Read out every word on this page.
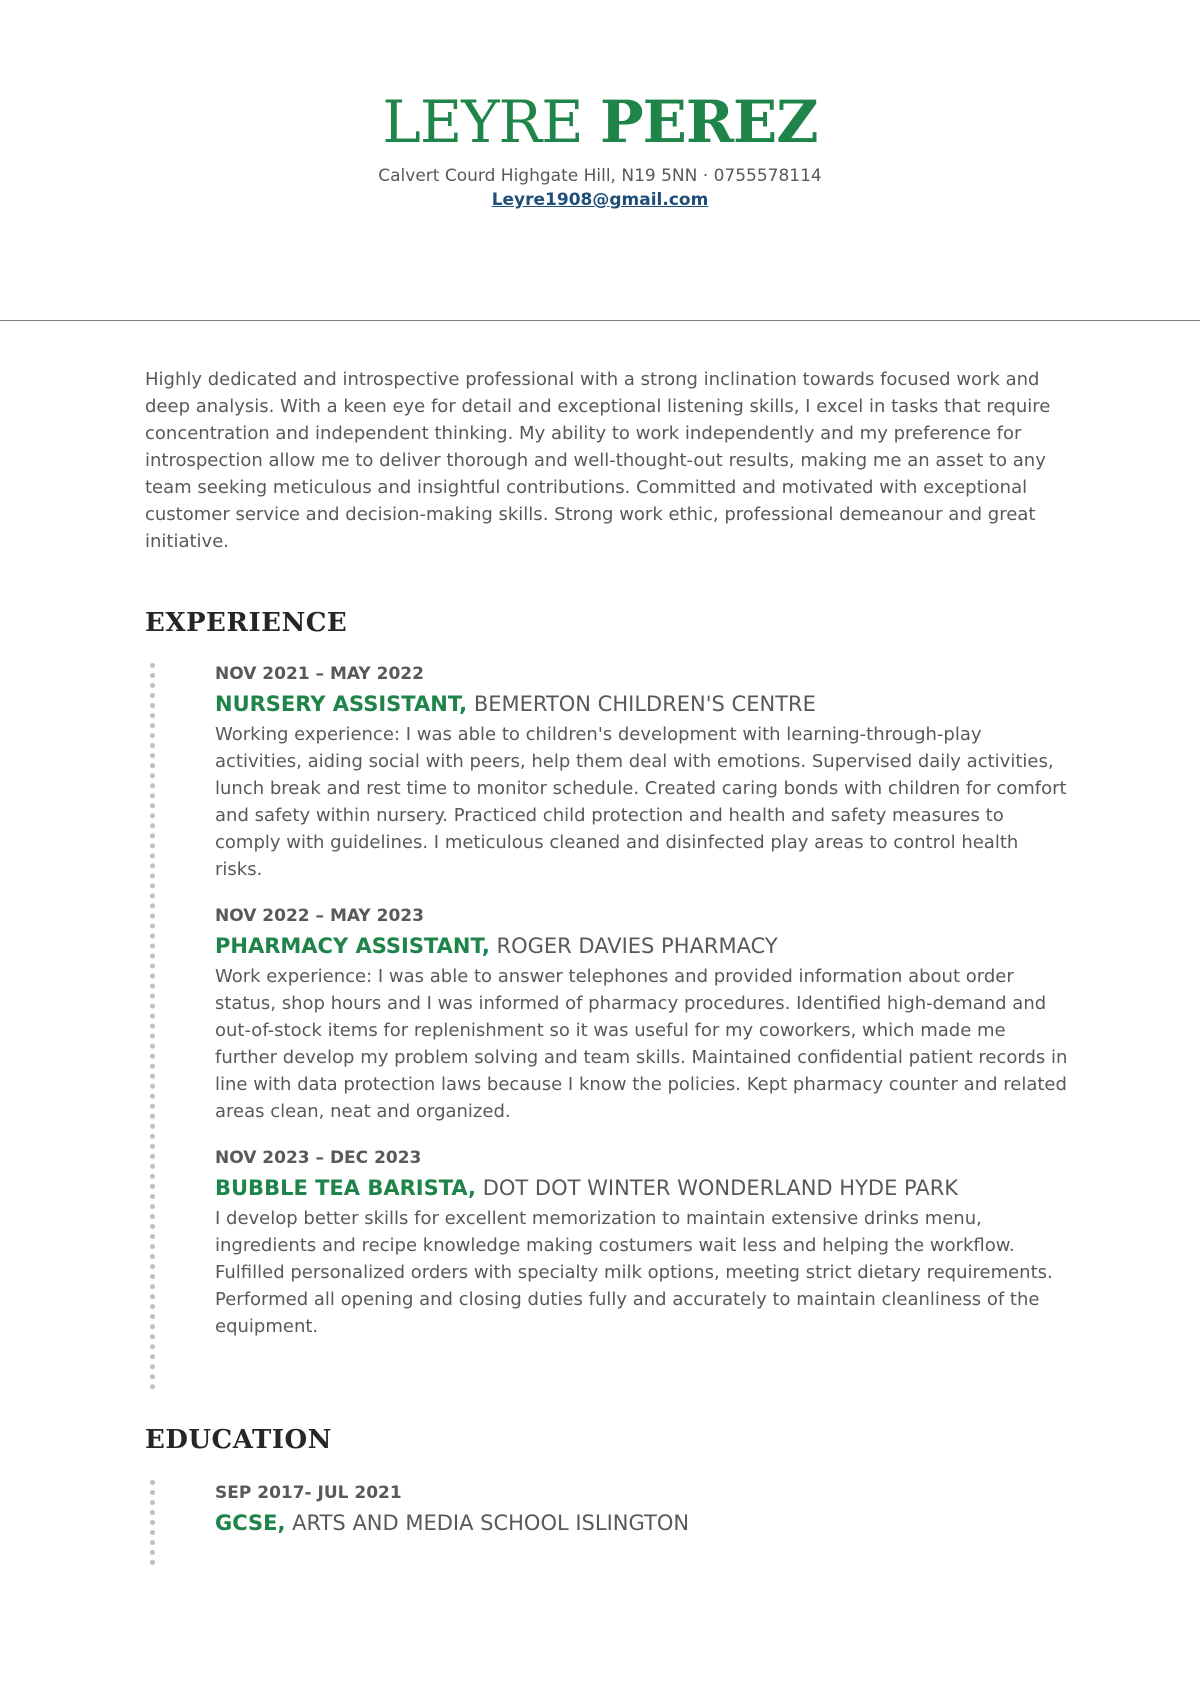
LEYRE PEREZ
Calvert Courd Highgate Hill, N19 5NN · 0755578114
Leyre1908@gmail.com

Highly dedicated and introspective professional with a strong inclination towards focused work and deep analysis. With a keen eye for detail and exceptional listening skills, I excel in tasks that require concentration and independent thinking. My ability to work independently and my preference for introspection allow me to deliver thorough and well-thought-out results, making me an asset to any team seeking meticulous and insightful contributions. Committed and motivated with exceptional customer service and decision-making skills. Strong work ethic, professional demeanour and great initiative.

EXPERIENCE

NOV 2021 – MAY 2022

NURSERY ASSISTANT, BEMERTON CHILDREN'S CENTRE

Working experience: I was able to children's development with learning-through-play activities, aiding social with peers, help them deal with emotions. Supervised daily activities, lunch break and rest time to monitor schedule. Created caring bonds with children for comfort and safety within nursery. Practiced child protection and health and safety measures to comply with guidelines. I meticulous cleaned and disinfected play areas to control health risks.

NOV 2022 – MAY 2023

PHARMACY ASSISTANT, ROGER DAVIES PHARMACY

Work experience: I was able to answer telephones and provided information about order status, shop hours and I was informed of pharmacy procedures. Identified high-demand and out-of-stock items for replenishment so it was useful for my coworkers, which made me further develop my problem solving and team skills. Maintained confidential patient records in line with data protection laws because I know the policies. Kept pharmacy counter and related areas clean, neat and organized.

NOV 2023 – DEC 2023

BUBBLE TEA BARISTA, DOT DOT WINTER WONDERLAND HYDE PARK

I develop better skills for excellent memorization to maintain extensive drinks menu, ingredients and recipe knowledge making costumers wait less and helping the workflow. Fulfilled personalized orders with specialty milk options, meeting strict dietary requirements. Performed all opening and closing duties fully and accurately to maintain cleanliness of the equipment.

EDUCATION

SEP 2017- JUL 2021

GCSE, ARTS AND MEDIA SCHOOL ISLINGTON
